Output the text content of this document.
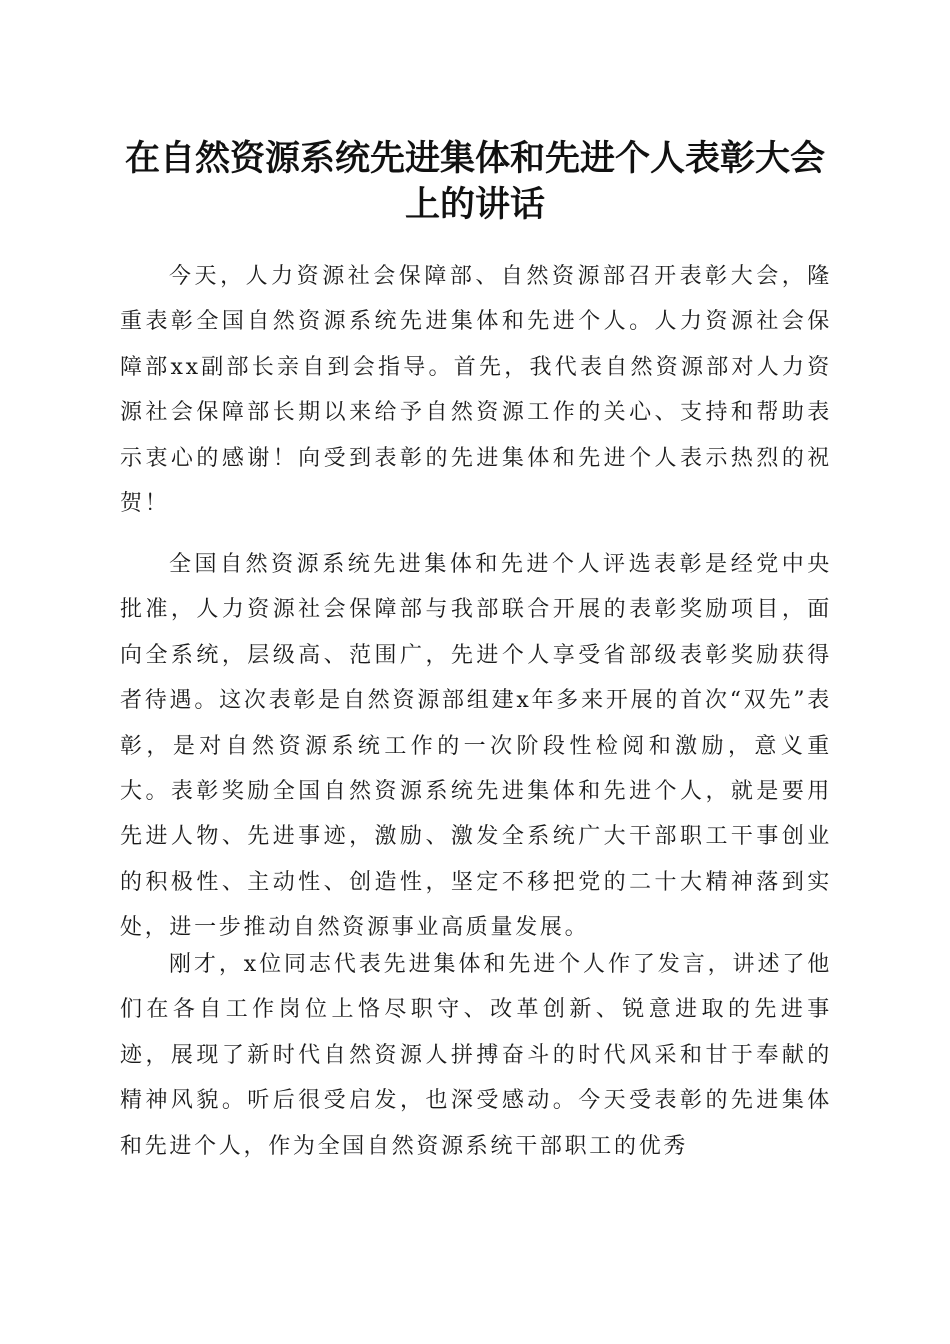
在自然资源系统先进集体和先进个人表彰大会
上的讲话

今天，人力资源社会保障部、自然资源部召开表彰大会，隆重表彰全国自然资源系统先进集体和先进个人。人力资源社会保障部xx副部长亲自到会指导。首先，我代表自然资源部对人力资源社会保障部长期以来给予自然资源工作的关心、支持和帮助表示衷心的感谢！向受到表彰的先进集体和先进个人表示热烈的祝贺！

全国自然资源系统先进集体和先进个人评选表彰是经党中央批准，人力资源社会保障部与我部联合开展的表彰奖励项目，面向全系统，层级高、范围广，先进个人享受省部级表彰奖励获得者待遇。这次表彰是自然资源部组建x年多来开展的首次“双先”表彰，是对自然资源系统工作的一次阶段性检阅和激励，意义重大。表彰奖励全国自然资源系统先进集体和先进个人，就是要用先进人物、先进事迹，激励、激发全系统广大干部职工干事创业的积极性、主动性、创造性，坚定不移把党的二十大精神落到实处，进一步推动自然资源事业高质量发展。

刚才，x位同志代表先进集体和先进个人作了发言，讲述了他们在各自工作岗位上恪尽职守、改革创新、锐意进取的先进事迹，展现了新时代自然资源人拼搏奋斗的时代风采和甘于奉献的精神风貌。听后很受启发，也深受感动。今天受表彰的先进集体和先进个人，作为全国自然资源系统干部职工的优秀
